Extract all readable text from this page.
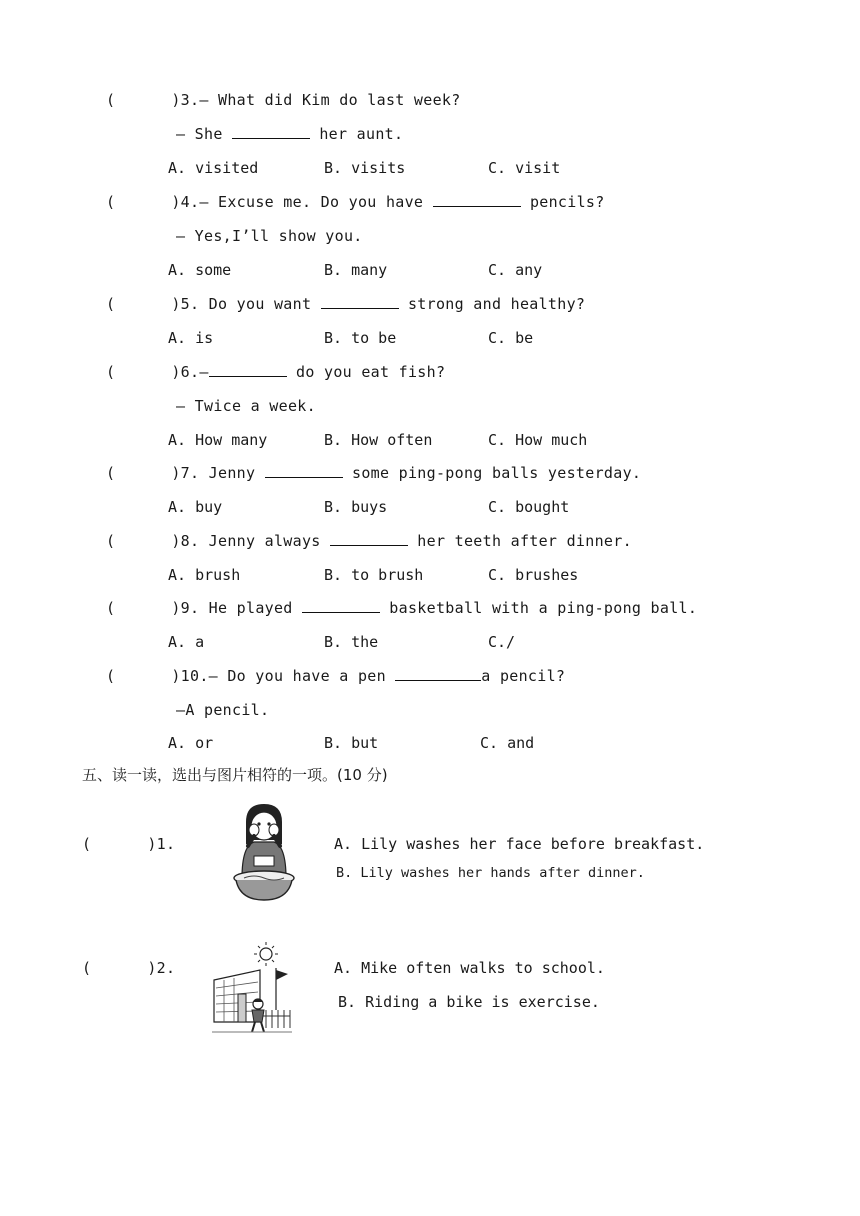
(      )3.— What did Kim do last week?
— She	her aunt.
A. visited	B. visits	C. visit
(      )4.— Excuse me. Do you have	pencils?
— Yes,I’ll show you.
A. some	B. many	C. any
(      )5. Do you want	strong and healthy?
A. is	B. to be	C. be
(      )6.—	do you eat fish?
— Twice a week.
A. How many	B. How often	C. How much
(      )7. Jenny	some ping-pong balls yesterday.
A. buy	B. buys	C. bought
(      )8. Jenny always	her teeth after dinner.
A. brush	B. to brush	C. brushes
(      )9. He played	basketball with a ping-pong ball.
A. a	B. the	C./
(      )10.— Do you have a pen	a pencil?
—A pencil.
A. or	B. but	C. and
五、读一读，选出与图片相符的一项。(10 分)
(      )1.	A. Lily washes her face before breakfast.
B. Lily washes her hands after dinner.
(      )2.	A. Mike often walks to school.
B. Riding a bike is exercise.
